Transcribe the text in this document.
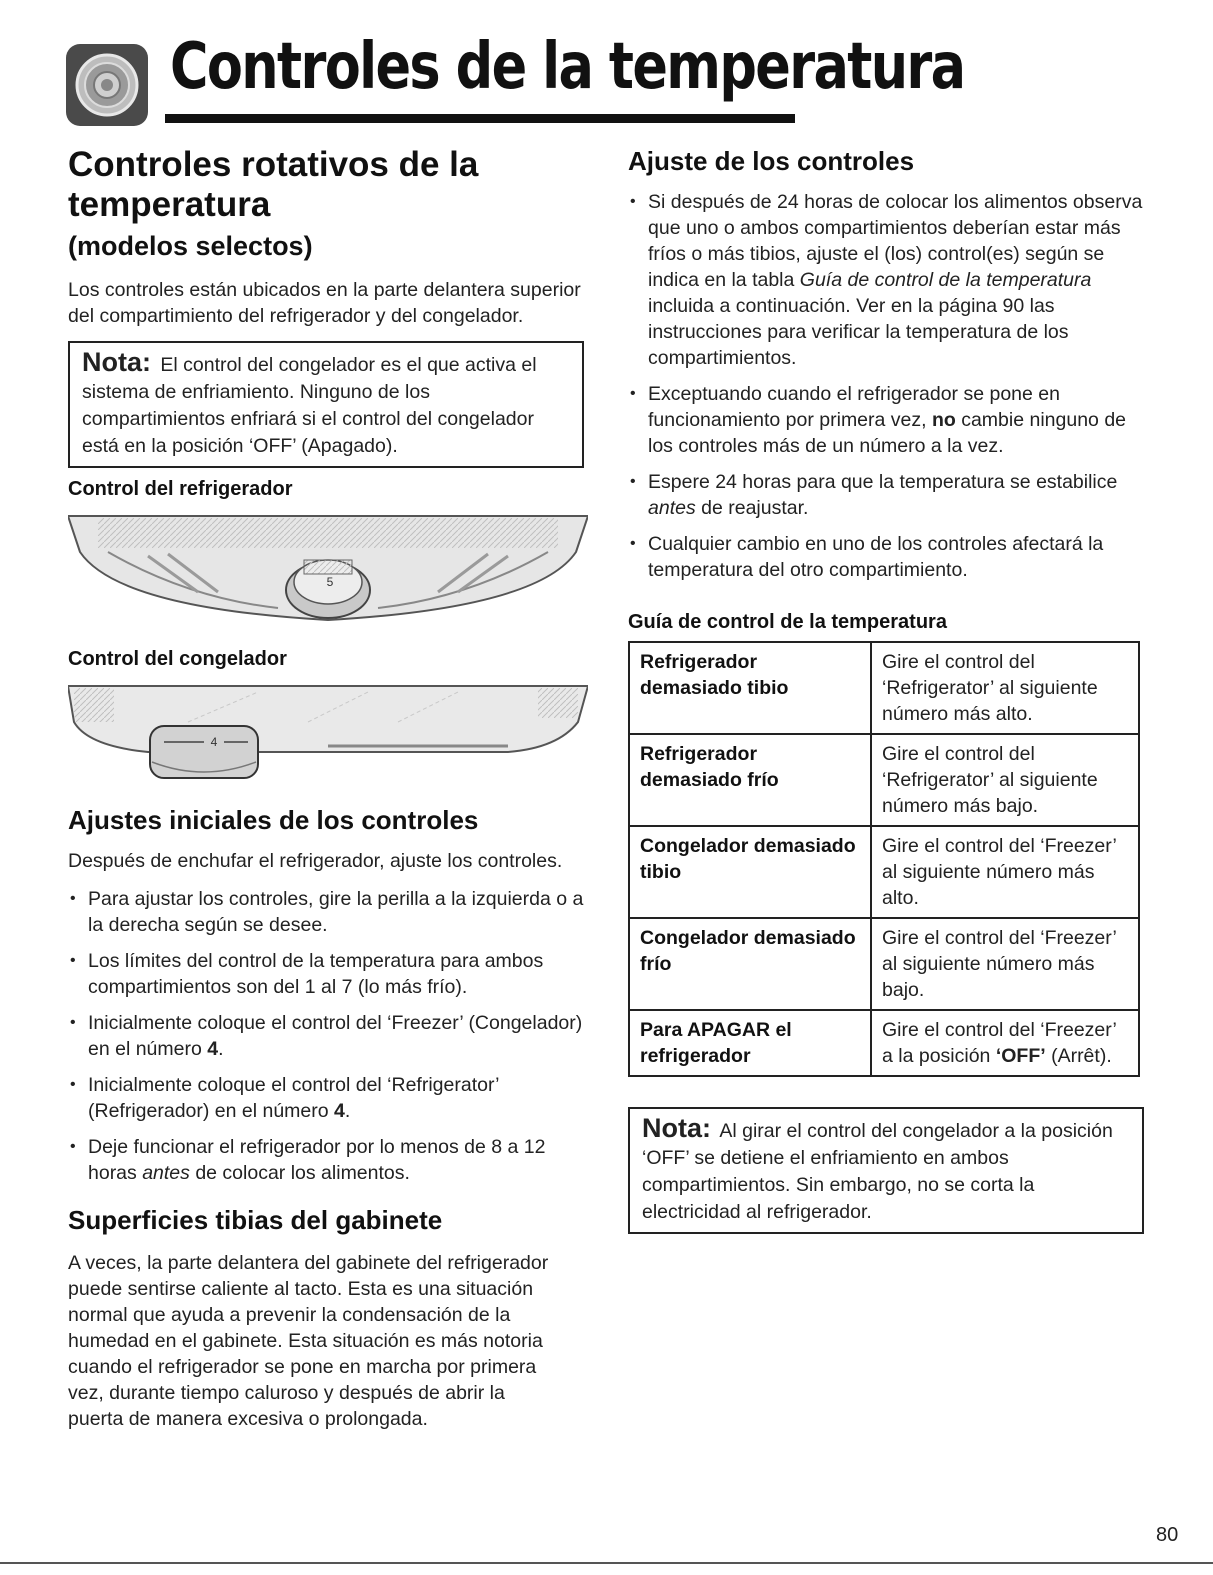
Controles de la temperatura
Controles rotativos de la
temperatura
(modelos selectos)

Los controles están ubicados en la parte delantera superior del compartimiento del refrigerador y del congelador.

Nota: El control del congelador es el que activa el sistema de enfriamiento. Ninguno de los compartimientos enfriará si el control del congelador está en la posición ‘OFF’ (Apagado).

Control del refrigerador

5

Control del congelador

4
Ajustes iniciales de los controles

Después de enchufar el refrigerador, ajuste los controles.

• Para ajustar los controles, gire la perilla a la izquierda o a la derecha según se desee.
• Los límites del control de la temperatura para ambos compartimientos son del 1 al 7 (lo más frío).
• Inicialmente coloque el control del ‘Freezer’ (Congelador) en el número 4.
• Inicialmente coloque el control del ‘Refrigerator’ (Refrigerador) en el número 4.
• Deje funcionar el refrigerador por lo menos de 8 a 12 horas antes de colocar los alimentos.
Superficies tibias del gabinete

A veces, la parte delantera del gabinete del refrigerador puede sentirse caliente al tacto. Esta es una situación normal que ayuda a prevenir la condensación de la humedad en el gabinete. Esta situación es más notoria cuando el refrigerador se pone en marcha por primera vez, durante tiempo caluroso y después de abrir la puerta de manera excesiva o prolongada.

Ajuste de los controles
• Si después de 24 horas de colocar los alimentos observa que uno o ambos compartimientos deberían estar más fríos o más tibios, ajuste el (los) control(es) según se indica en la tabla Guía de control de la temperatura incluida a continuación. Ver en la página 90 las instrucciones para verificar la temperatura de los compartimientos.
• Exceptuando cuando el refrigerador se pone en funcionamiento por primera vez, no cambie ninguno de los controles más de un número a la vez.
• Espere 24 horas para que la temperatura se estabilice antes de reajustar.
• Cualquier cambio en uno de los controles afectará la temperatura del otro compartimiento.

Guía de control de la temperatura

Refrigerador demasiado tibio	Gire el control del ‘Refrigerator’ al siguiente número más alto.
Refrigerador demasiado frío	Gire el control del ‘Refrigerator’ al siguiente número más bajo.
Congelador demasiado tibio	Gire el control del ‘Freezer’ al siguiente número más alto.
Congelador demasiado frío	Gire el control del ‘Freezer’ al siguiente número más bajo.
Para APAGAR el refrigerador	Gire el control del ‘Freezer’ a la posición ‘OFF’ (Arrêt).

Nota: Al girar el control del congelador a la posición ‘OFF’ se detiene el enfriamiento en ambos compartimientos. Sin embargo, no se corta la electricidad al refrigerador.

80
